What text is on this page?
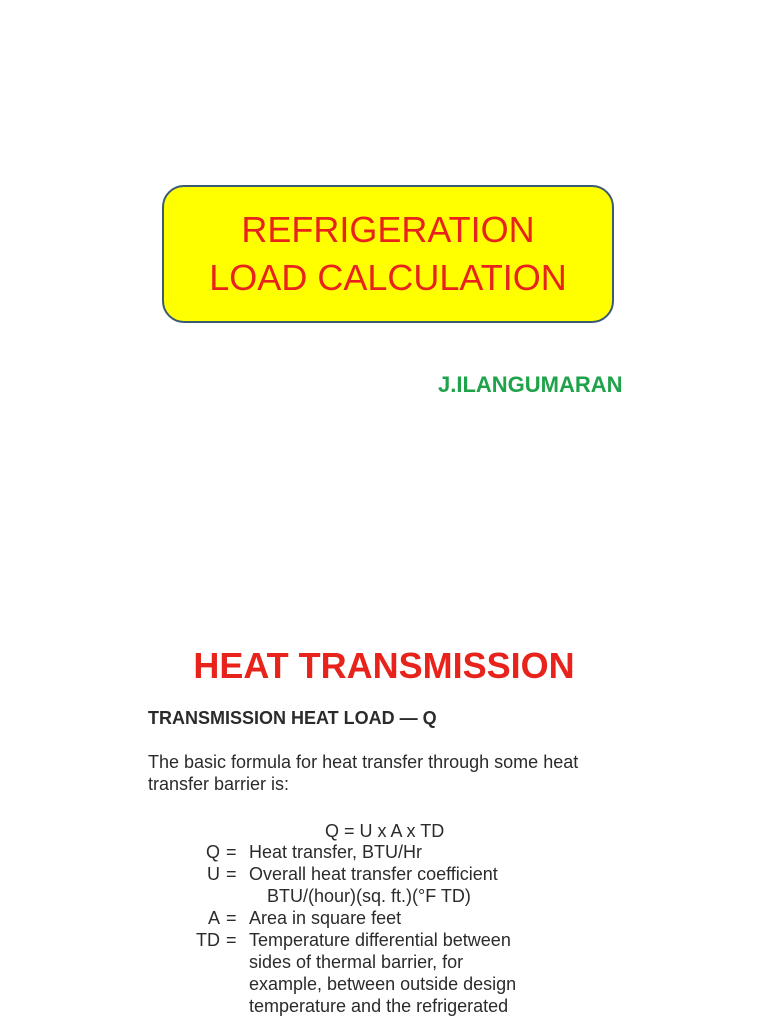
REFRIGERATION
LOAD CALCULATION
J.ILANGUMARAN
HEAT TRANSMISSION
TRANSMISSION HEAT LOAD — Q
The basic formula for heat transfer through some heat
transfer barrier is:
Q = U x A x TD
Q = Heat transfer, BTU/Hr
U = Overall heat transfer coefficient
BTU/(hour)(sq. ft.)(°F TD)
A = Area in square feet
TD = Temperature differential between
sides of thermal barrier, for
example, between outside design
temperature and the refrigerated
